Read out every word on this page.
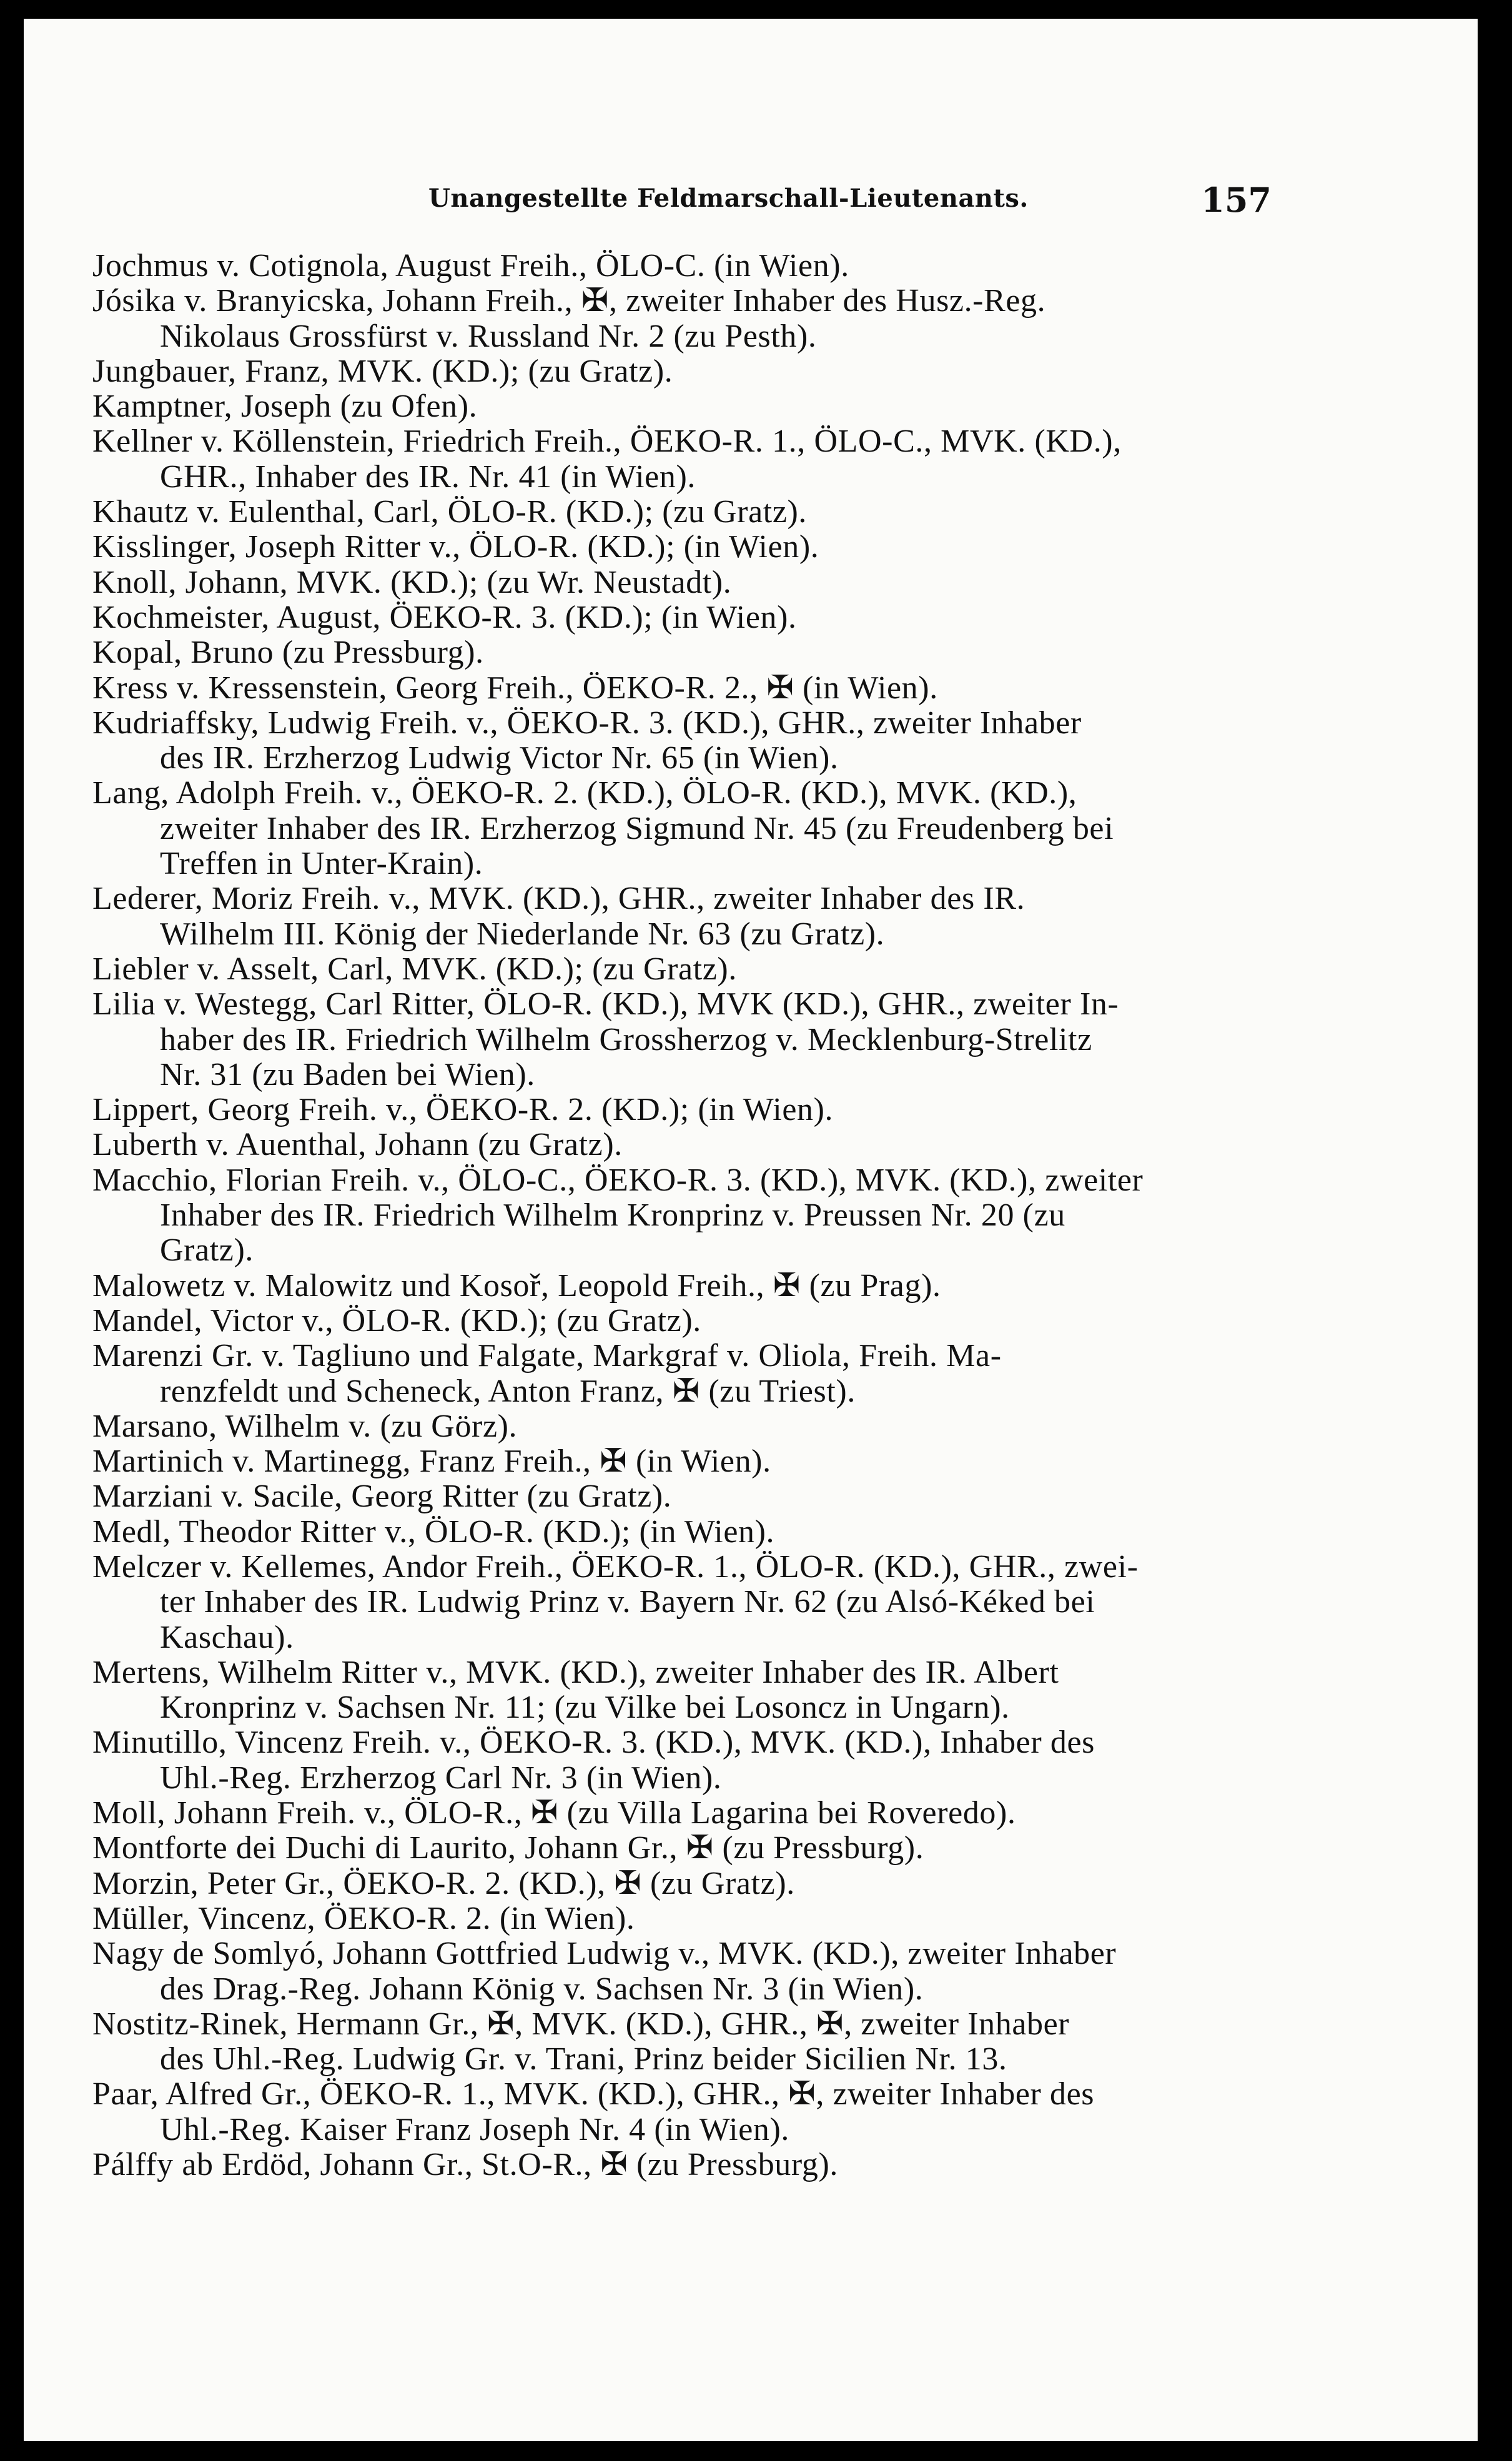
Unangestellte Feldmarschall-Lieutenants.	157
Jochmus v. Cotignola, August Freih., ÖLO-C. (in Wien).
Jósika v. Branyicska, Johann Freih., ✠, zweiter Inhaber des Husz.-Reg.
Nikolaus Grossfürst v. Russland Nr. 2 (zu Pesth).
Jungbauer, Franz, MVK. (KD.); (zu Gratz).
Kamptner, Joseph (zu Ofen).
Kellner v. Köllenstein, Friedrich Freih., ÖEKO-R. 1., ÖLO-C., MVK. (KD.),
GHR., Inhaber des IR. Nr. 41 (in Wien).
Khautz v. Eulenthal, Carl, ÖLO-R. (KD.); (zu Gratz).
Kisslinger, Joseph Ritter v., ÖLO-R. (KD.); (in Wien).
Knoll, Johann, MVK. (KD.); (zu Wr. Neustadt).
Kochmeister, August, ÖEKO-R. 3. (KD.); (in Wien).
Kopal, Bruno (zu Pressburg).
Kress v. Kressenstein, Georg Freih., ÖEKO-R. 2., ✠ (in Wien).
Kudriaffsky, Ludwig Freih. v., ÖEKO-R. 3. (KD.), GHR., zweiter Inhaber
des IR. Erzherzog Ludwig Victor Nr. 65 (in Wien).
Lang, Adolph Freih. v., ÖEKO-R. 2. (KD.), ÖLO-R. (KD.), MVK. (KD.),
zweiter Inhaber des IR. Erzherzog Sigmund Nr. 45 (zu Freudenberg bei
Treffen in Unter-Krain).
Lederer, Moriz Freih. v., MVK. (KD.), GHR., zweiter Inhaber des IR.
Wilhelm III. König der Niederlande Nr. 63 (zu Gratz).
Liebler v. Asselt, Carl, MVK. (KD.); (zu Gratz).
Lilia v. Westegg, Carl Ritter, ÖLO-R. (KD.), MVK (KD.), GHR., zweiter In-
haber des IR. Friedrich Wilhelm Grossherzog v. Mecklenburg-Strelitz
Nr. 31 (zu Baden bei Wien).
Lippert, Georg Freih. v., ÖEKO-R. 2. (KD.); (in Wien).
Luberth v. Auenthal, Johann (zu Gratz).
Macchio, Florian Freih. v., ÖLO-C., ÖEKO-R. 3. (KD.), MVK. (KD.), zweiter
Inhaber des IR. Friedrich Wilhelm Kronprinz v. Preussen Nr. 20 (zu
Gratz).
Malowetz v. Malowitz und Kosoř, Leopold Freih., ✠ (zu Prag).
Mandel, Victor v., ÖLO-R. (KD.); (zu Gratz).
Marenzi Gr. v. Tagliuno und Falgate, Markgraf v. Oliola, Freih. Ma-
renzfeldt und Scheneck, Anton Franz, ✠ (zu Triest).
Marsano, Wilhelm v. (zu Görz).
Martinich v. Martinegg, Franz Freih., ✠ (in Wien).
Marziani v. Sacile, Georg Ritter (zu Gratz).
Medl, Theodor Ritter v., ÖLO-R. (KD.); (in Wien).
Melczer v. Kellemes, Andor Freih., ÖEKO-R. 1., ÖLO-R. (KD.), GHR., zwei-
ter Inhaber des IR. Ludwig Prinz v. Bayern Nr. 62 (zu Alsó-Kéked bei
Kaschau).
Mertens, Wilhelm Ritter v., MVK. (KD.), zweiter Inhaber des IR. Albert
Kronprinz v. Sachsen Nr. 11; (zu Vilke bei Losoncz in Ungarn).
Minutillo, Vincenz Freih. v., ÖEKO-R. 3. (KD.), MVK. (KD.), Inhaber des
Uhl.-Reg. Erzherzog Carl Nr. 3 (in Wien).
Moll, Johann Freih. v., ÖLO-R., ✠ (zu Villa Lagarina bei Roveredo).
Montforte dei Duchi di Laurito, Johann Gr., ✠ (zu Pressburg).
Morzin, Peter Gr., ÖEKO-R. 2. (KD.), ✠ (zu Gratz).
Müller, Vincenz, ÖEKO-R. 2. (in Wien).
Nagy de Somlyó, Johann Gottfried Ludwig v., MVK. (KD.), zweiter Inhaber
des Drag.-Reg. Johann König v. Sachsen Nr. 3 (in Wien).
Nostitz-Rinek, Hermann Gr., ✠, MVK. (KD.), GHR., ✠, zweiter Inhaber
des Uhl.-Reg. Ludwig Gr. v. Trani, Prinz beider Sicilien Nr. 13.
Paar, Alfred Gr., ÖEKO-R. 1., MVK. (KD.), GHR., ✠, zweiter Inhaber des
Uhl.-Reg. Kaiser Franz Joseph Nr. 4 (in Wien).
Pálffy ab Erdöd, Johann Gr., St.O-R., ✠ (zu Pressburg).
